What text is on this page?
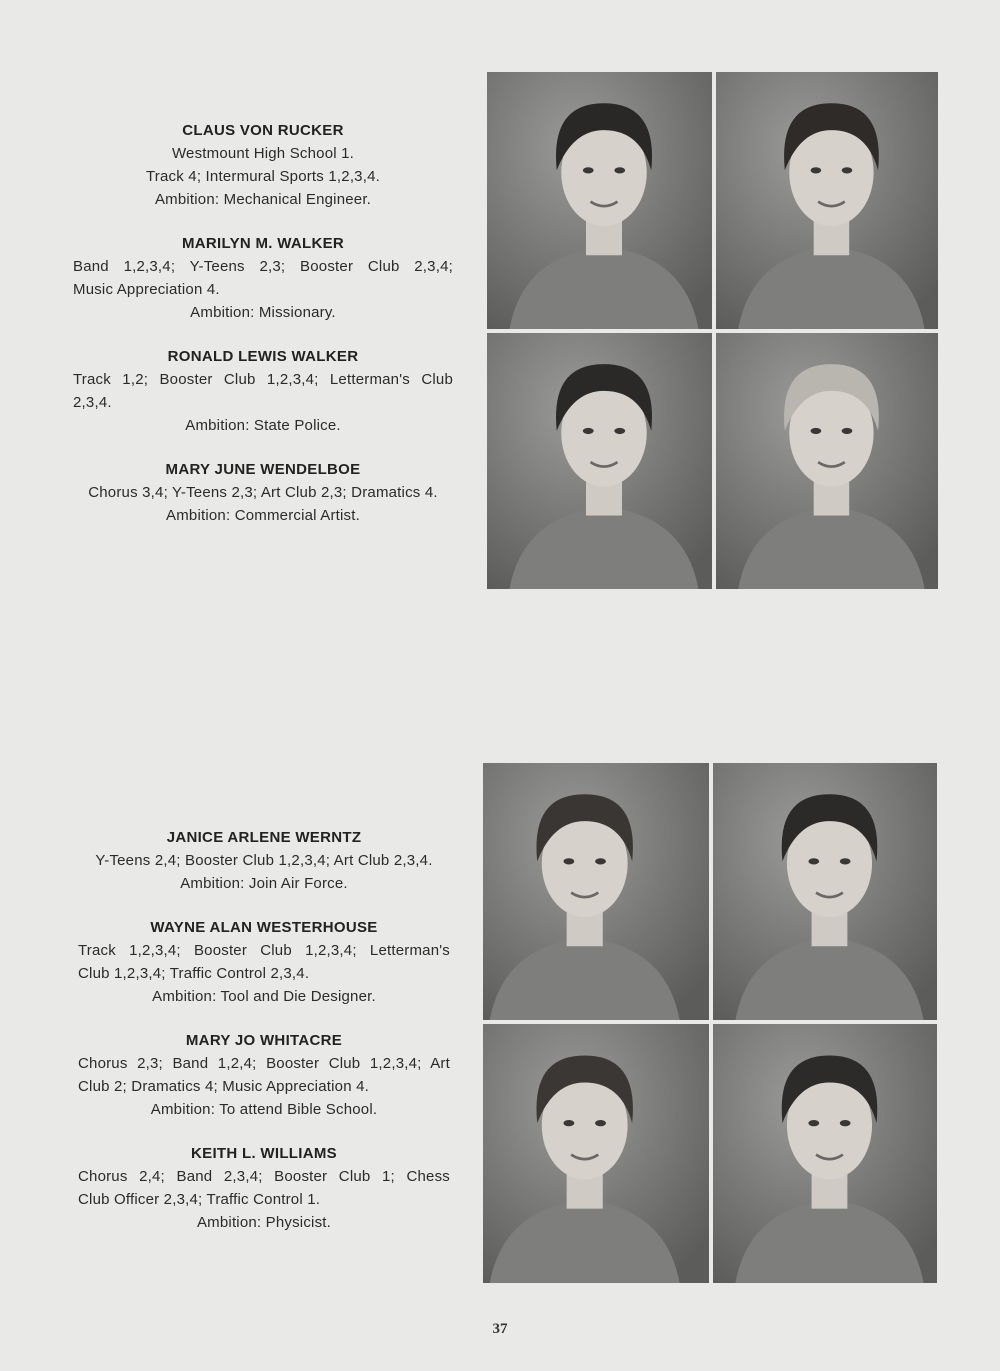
CLAUS VON RUCKER
Westmount High School 1.
Track 4; Intermural Sports 1,2,3,4.
Ambition: Mechanical Engineer.
MARILYN M. WALKER
Band 1,2,3,4; Y-Teens 2,3; Booster Club 2,3,4;
Music Appreciation 4.
Ambition: Missionary.
RONALD LEWIS WALKER
Track 1,2; Booster Club 1,2,3,4; Letterman's Club
2,3,4.
Ambition: State Police.
MARY JUNE WENDELBOE
Chorus 3,4; Y-Teens 2,3; Art Club 2,3; Dramatics 4.
Ambition: Commercial Artist.
JANICE ARLENE WERNTZ
Y-Teens 2,4; Booster Club 1,2,3,4; Art Club 2,3,4.
Ambition: Join Air Force.
WAYNE ALAN WESTERHOUSE
Track 1,2,3,4; Booster Club 1,2,3,4; Letterman's
Club 1,2,3,4; Traffic Control 2,3,4.
Ambition: Tool and Die Designer.
MARY JO WHITACRE
Chorus 2,3; Band 1,2,4; Booster Club 1,2,3,4; Art
Club 2; Dramatics 4; Music Appreciation 4.
Ambition: To attend Bible School.
KEITH L. WILLIAMS
Chorus 2,4; Band 2,3,4; Booster Club 1; Chess
Club Officer 2,3,4; Traffic Control 1.
Ambition: Physicist.
37
